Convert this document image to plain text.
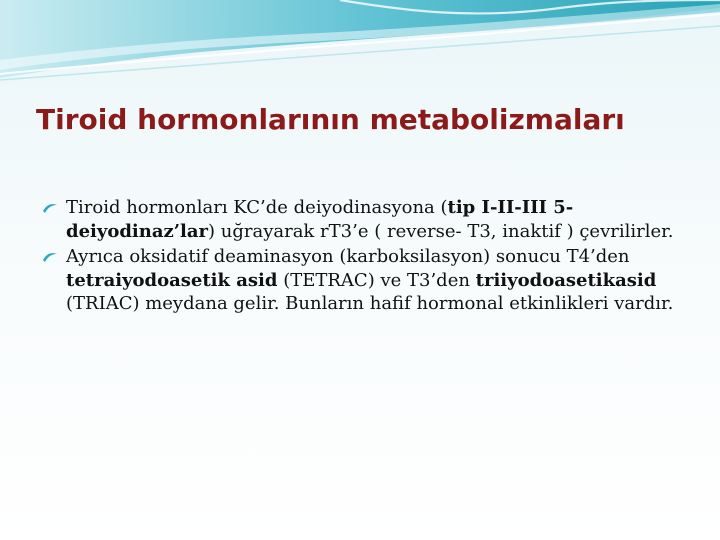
Tiroid hormonlarının metabolizmaları
Tiroid hormonları KC’de deiyodinasyona (tip I-II-III 5-deiyodinaz’lar) uğrayarak rT3’e ( reverse- T3, inaktif ) çevrilirler.
Ayrıca oksidatif deaminasyon (karboksilasyon) sonucu T4’den tetraiyodoasetik asid (TETRAC) ve T3’den triiyodoasetikasid (TRIAC) meydana gelir. Bunların hafif hormonal etkinlikleri vardır.
